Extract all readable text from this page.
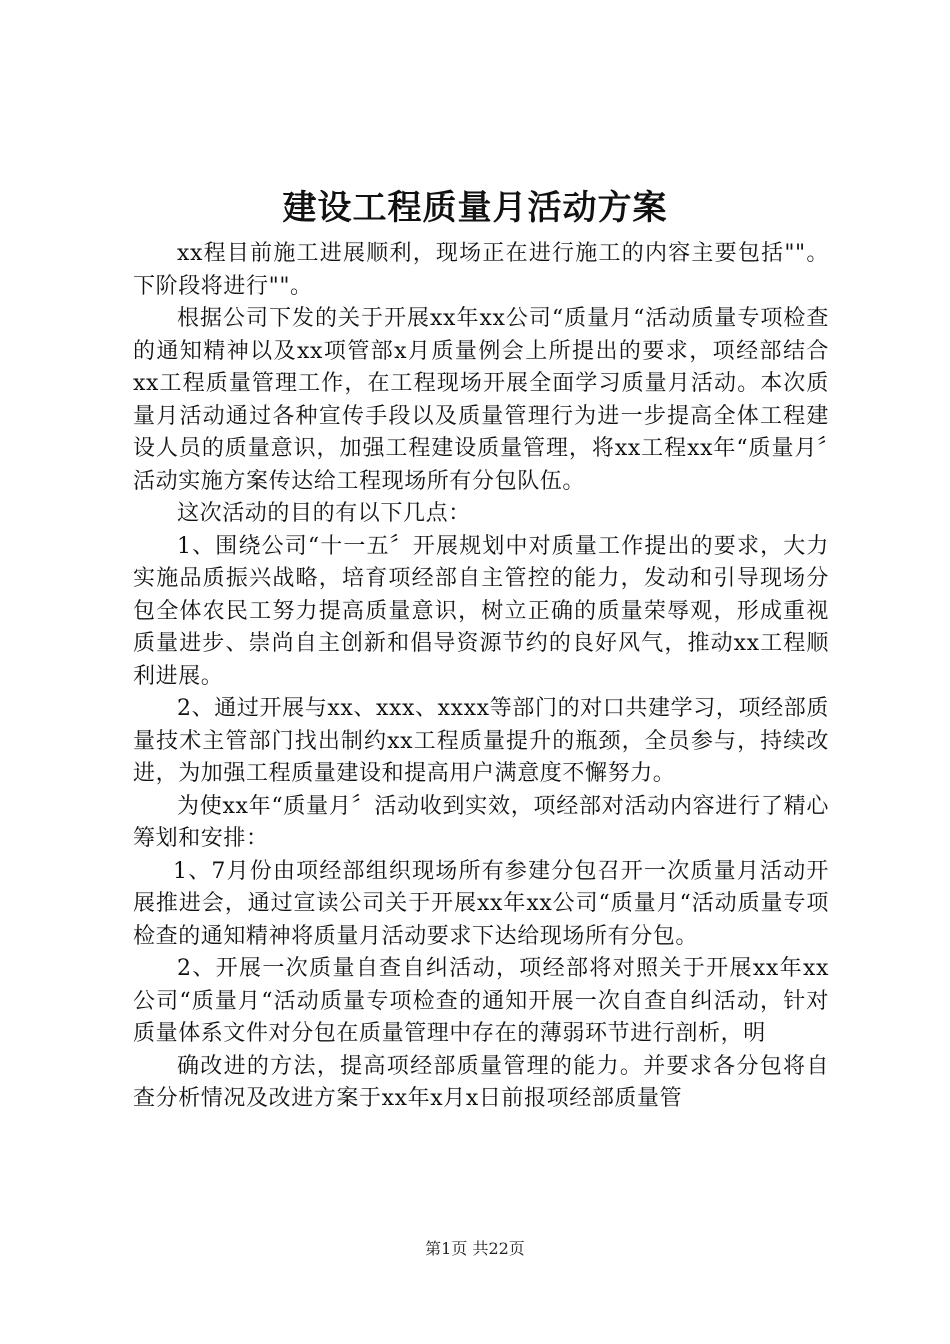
建设工程质量月活动方案

xx程目前施工进展顺利，现场正在进行施工的内容主要包括""。下阶段将进行""。

根据公司下发的关于开展xx年xx公司“质量月“活动质量专项检查的通知精神以及xx项管部x月质量例会上所提出的要求，项经部结合xx工程质量管理工作，在工程现场开展全面学习质量月活动。本次质量月活动通过各种宣传手段以及质量管理行为进一步提高全体工程建设人员的质量意识，加强工程建设质量管理，将xx工程xx年“质量月〞活动实施方案传达给工程现场所有分包队伍。

这次活动的目的有以下几点：

1、围绕公司“十一五〞开展规划中对质量工作提出的要求，大力实施品质振兴战略，培育项经部自主管控的能力，发动和引导现场分包全体农民工努力提高质量意识，树立正确的质量荣辱观，形成重视质量进步、崇尚自主创新和倡导资源节约的良好风气，推动xx工程顺利进展。

2、通过开展与xx、xxx、xxxx等部门的对口共建学习，项经部质量技术主管部门找出制约xx工程质量提升的瓶颈，全员参与，持续改进，为加强工程质量建设和提高用户满意度不懈努力。

为使xx年“质量月〞活动收到实效，项经部对活动内容进行了精心筹划和安排：

1、7月份由项经部组织现场所有参建分包召开一次质量月活动开展推进会，通过宣读公司关于开展xx年xx公司“质量月“活动质量专项检查的通知精神将质量月活动要求下达给现场所有分包。

2、开展一次质量自查自纠活动，项经部将对照关于开展xx年xx公司“质量月“活动质量专项检查的通知开展一次自查自纠活动，针对质量体系文件对分包在质量管理中存在的薄弱环节进行剖析，明

确改进的方法，提高项经部质量管理的能力。并要求各分包将自查分析情况及改进方案于xx年x月x日前报项经部质量管

第1页 共22页
